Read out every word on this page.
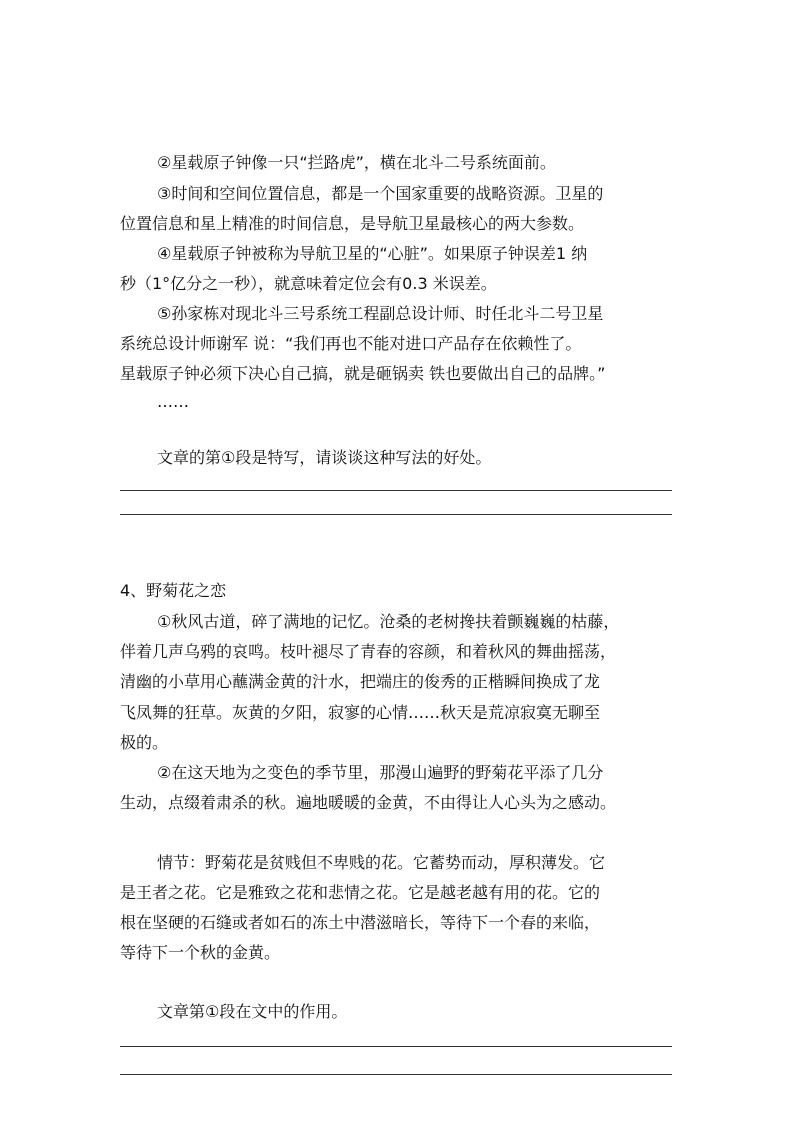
②星载原子钟像一只“拦路虎”，横在北斗二号系统面前。
③时间和空间位置信息，都是一个国家重要的战略资源。卫星的
位置信息和星上精准的时间信息，是导航卫星最核心的两大参数。
④星载原子钟被称为导航卫星的“心脏”。如果原子钟误差1 纳
秒（1°亿分之一秒），就意味着定位会有0.3 米误差。
⑤孙家栋对现北斗三号系统工程副总设计师、时任北斗二号卫星
系统总设计师谢军 说：“我们再也不能对进口产品存在依赖性了。
星载原子钟必须下决心自己搞，就是砸锅卖 铁也要做出自己的品牌。”
……
文章的第①段是特写，请谈谈这种写法的好处。
4、野菊花之恋
①秋风古道，碎了满地的记忆。沧桑的老树搀扶着颤巍巍的枯藤，
伴着几声乌鸦的哀鸣。枝叶褪尽了青春的容颜，和着秋风的舞曲摇荡，
清幽的小草用心蘸满金黄的汁水，把端庄的俊秀的正楷瞬间换成了龙
飞凤舞的狂草。灰黄的夕阳，寂寥的心情……秋天是荒凉寂寞无聊至
极的。
②在这天地为之变色的季节里，那漫山遍野的野菊花平添了几分
生动，点缀着肃杀的秋。遍地暖暖的金黄，不由得让人心头为之感动。
情节：野菊花是贫贱但不卑贱的花。它蓄势而动，厚积薄发。它
是王者之花。它是雅致之花和悲情之花。它是越老越有用的花。它的
根在坚硬的石缝或者如石的冻土中潜滋暗长，等待下一个春的来临，
等待下一个秋的金黄。
文章第①段在文中的作用。
